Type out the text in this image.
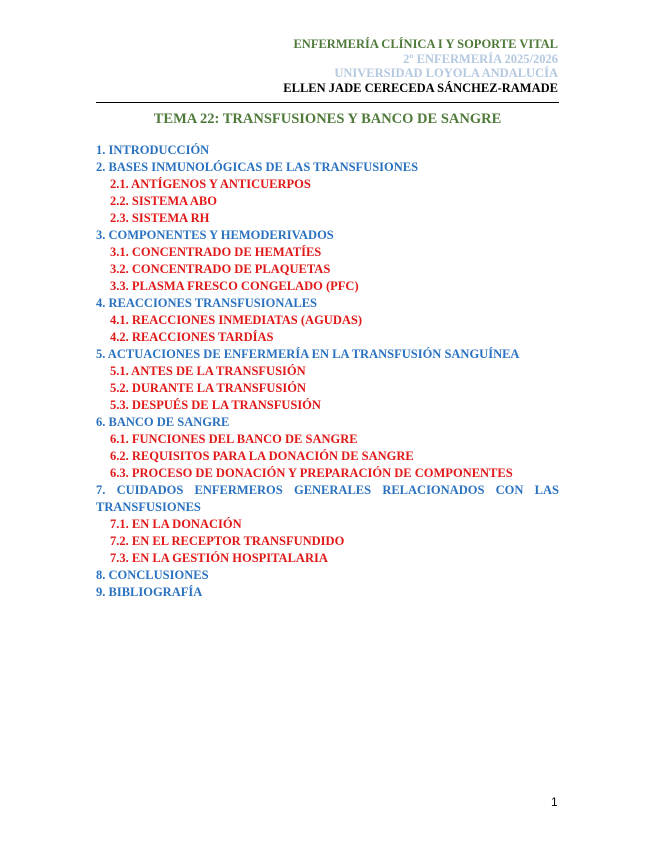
ENFERMERÍA CLÍNICA I Y SOPORTE VITAL
2º ENFERMERÍA 2025/2026
UNIVERSIDAD LOYOLA ANDALUCÍA
ELLEN JADE CERECEDA SÁNCHEZ-RAMADE
TEMA 22: TRANSFUSIONES Y BANCO DE SANGRE
1. INTRODUCCIÓN
2. BASES INMUNOLÓGICAS DE LAS TRANSFUSIONES
2.1. ANTÍGENOS Y ANTICUERPOS
2.2. SISTEMA ABO
2.3. SISTEMA RH
3. COMPONENTES Y HEMODERIVADOS
3.1. CONCENTRADO DE HEMATÍES
3.2. CONCENTRADO DE PLAQUETAS
3.3. PLASMA FRESCO CONGELADO (PFC)
4. REACCIONES TRANSFUSIONALES
4.1. REACCIONES INMEDIATAS (AGUDAS)
4.2. REACCIONES TARDÍAS
5. ACTUACIONES DE ENFERMERÍA EN LA TRANSFUSIÓN SANGUÍNEA
5.1. ANTES DE LA TRANSFUSIÓN
5.2. DURANTE LA TRANSFUSIÓN
5.3. DESPUÉS DE LA TRANSFUSIÓN
6. BANCO DE SANGRE
6.1. FUNCIONES DEL BANCO DE SANGRE
6.2. REQUISITOS PARA LA DONACIÓN DE SANGRE
6.3. PROCESO DE DONACIÓN Y PREPARACIÓN DE COMPONENTES
7. CUIDADOS ENFERMEROS GENERALES RELACIONADOS CON LAS TRANSFUSIONES
7.1. EN LA DONACIÓN
7.2. EN EL RECEPTOR TRANSFUNDIDO
7.3. EN LA GESTIÓN HOSPITALARIA
8. CONCLUSIONES
9. BIBLIOGRAFÍA
1
